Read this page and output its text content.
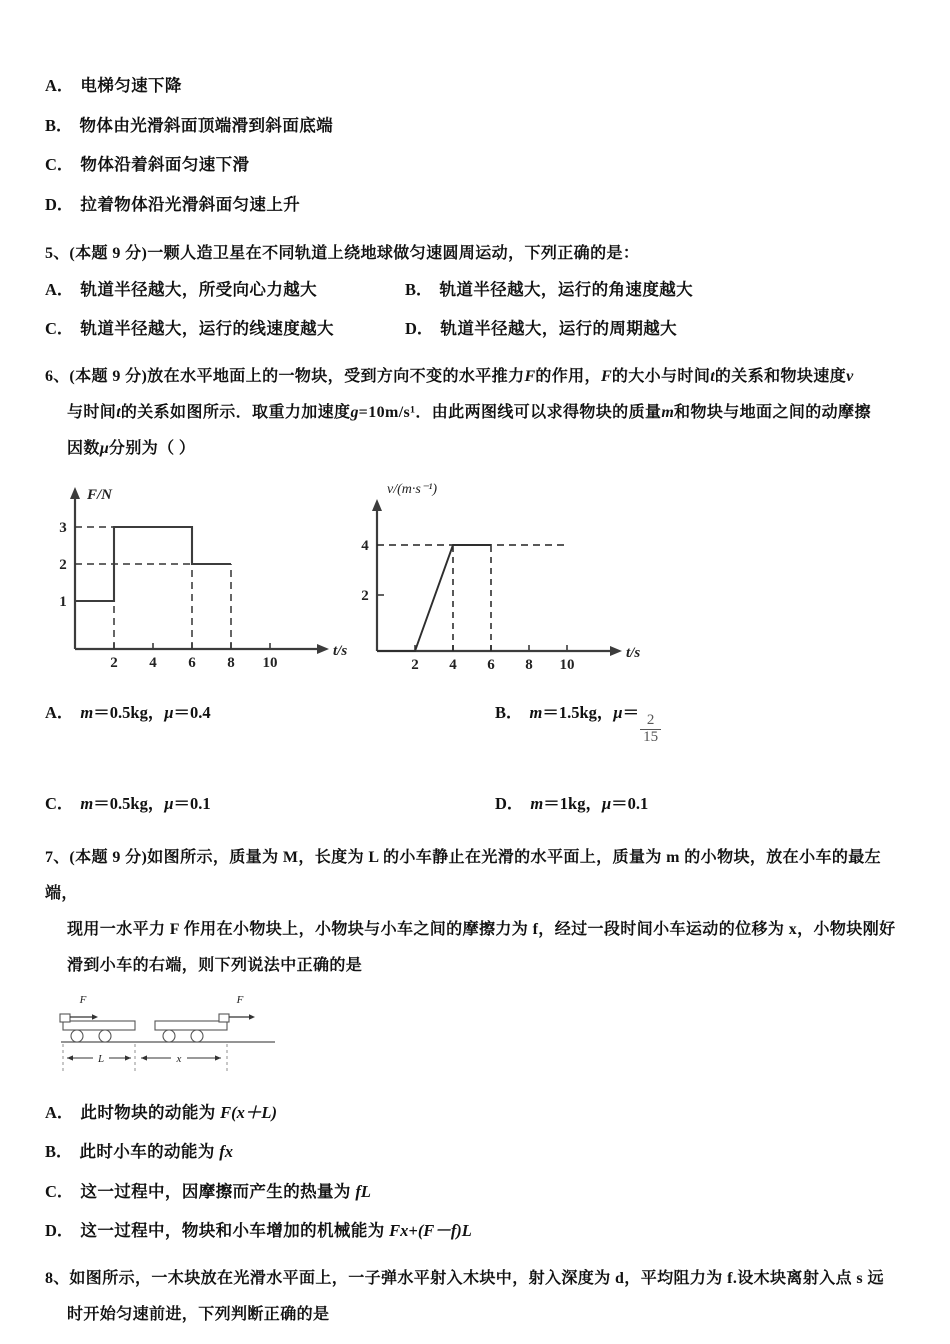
A． 电梯匀速下降
B． 物体由光滑斜面顶端滑到斜面底端
C． 物体沿着斜面匀速下滑
D． 拉着物体沿光滑斜面匀速上升

5、(本题 9 分)一颗人造卫星在不同轨道上绕地球做匀速圆周运动，下列正确的是：

A． 轨道半径越大，所受向心力越大	B． 轨道半径越大，运行的角速度越大
C． 轨道半径越大，运行的线速度越大	D． 轨道半径越大，运行的周期越大

6、(本题 9 分)放在水平地面上的一物块，受到方向不变的水平推力F的作用，F的大小与时间t的关系和物块速度v

与时间t的关系如图所示．取重力加速度g=10m/s¹．由此两图线可以求得物块的质量m和物块与地面之间的动摩擦

因数μ分别为（ ）

1
2
3
2 4 6 8 10
F/N
t/s
2
4
2 4 6 8 10
v/(m·s⁻¹)
t/s
A． m＝0.5kg，μ＝0.4	B． m＝1.5kg，μ＝
$\frac{2}{15}$
C． m＝0.5kg，μ＝0.1	D． m＝1kg，μ＝0.1

7、(本题 9 分)如图所示，质量为 M，长度为 L 的小车静止在光滑的水平面上，质量为 m 的小物块，放在小车的最左端，

现用一水平力 F 作用在小物块上，小物块与小车之间的摩擦力为 f，经过一段时间小车运动的位移为 x，小物块刚好

滑到小车的右端，则下列说法中正确的是

F	F
L	x
A． 此时物块的动能为 F(x＋L)
B． 此时小车的动能为 fx
C． 这一过程中，因摩擦而产生的热量为 fL
D． 这一过程中，物块和小车增加的机械能为 Fx+(F－f)L

8、如图所示，一木块放在光滑水平面上，一子弹水平射入木块中，射入深度为 d，平均阻力为 f.设木块离射入点 s 远

时开始匀速前进，下列判断正确的是
